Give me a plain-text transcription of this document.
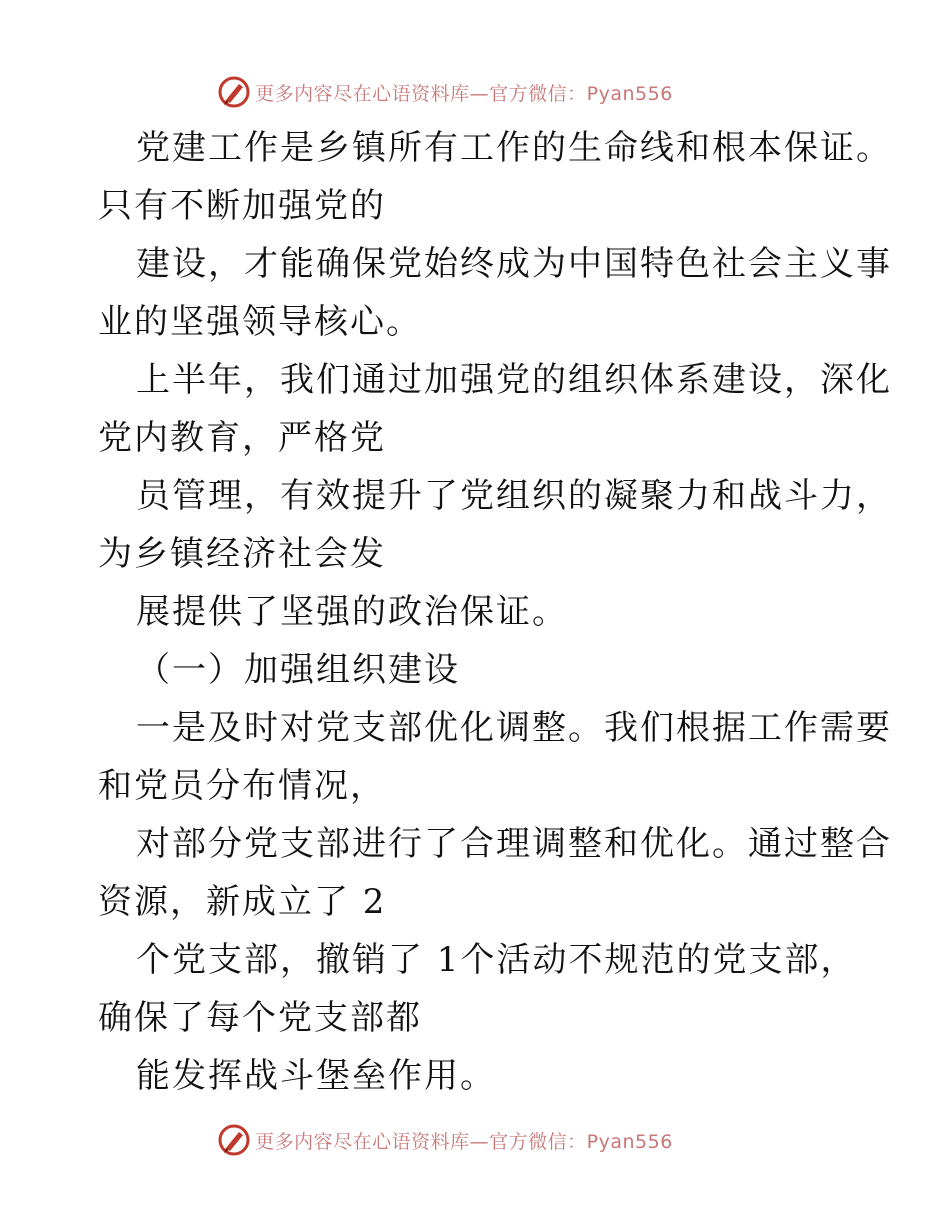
更多内容尽在心语资料库—官方微信：Pyan556
党建工作是乡镇所有工作的生命线和根本保证。
只有不断加强党的
建设，才能确保党始终成为中国特色社会主义事
业的坚强领导核心。
上半年，我们通过加强党的组织体系建设，深化
党内教育，严格党
员管理，有效提升了党组织的凝聚力和战斗力，
为乡镇经济社会发
展提供了坚强的政治保证。
（一）加强组织建设
一是及时对党支部优化调整。我们根据工作需要
和党员分布情况，
对部分党支部进行了合理调整和优化。通过整合
资源，新成立了 2
个党支部，撤销了 1个活动不规范的党支部，
确保了每个党支部都
能发挥战斗堡垒作用。
更多内容尽在心语资料库—官方微信：Pyan556
